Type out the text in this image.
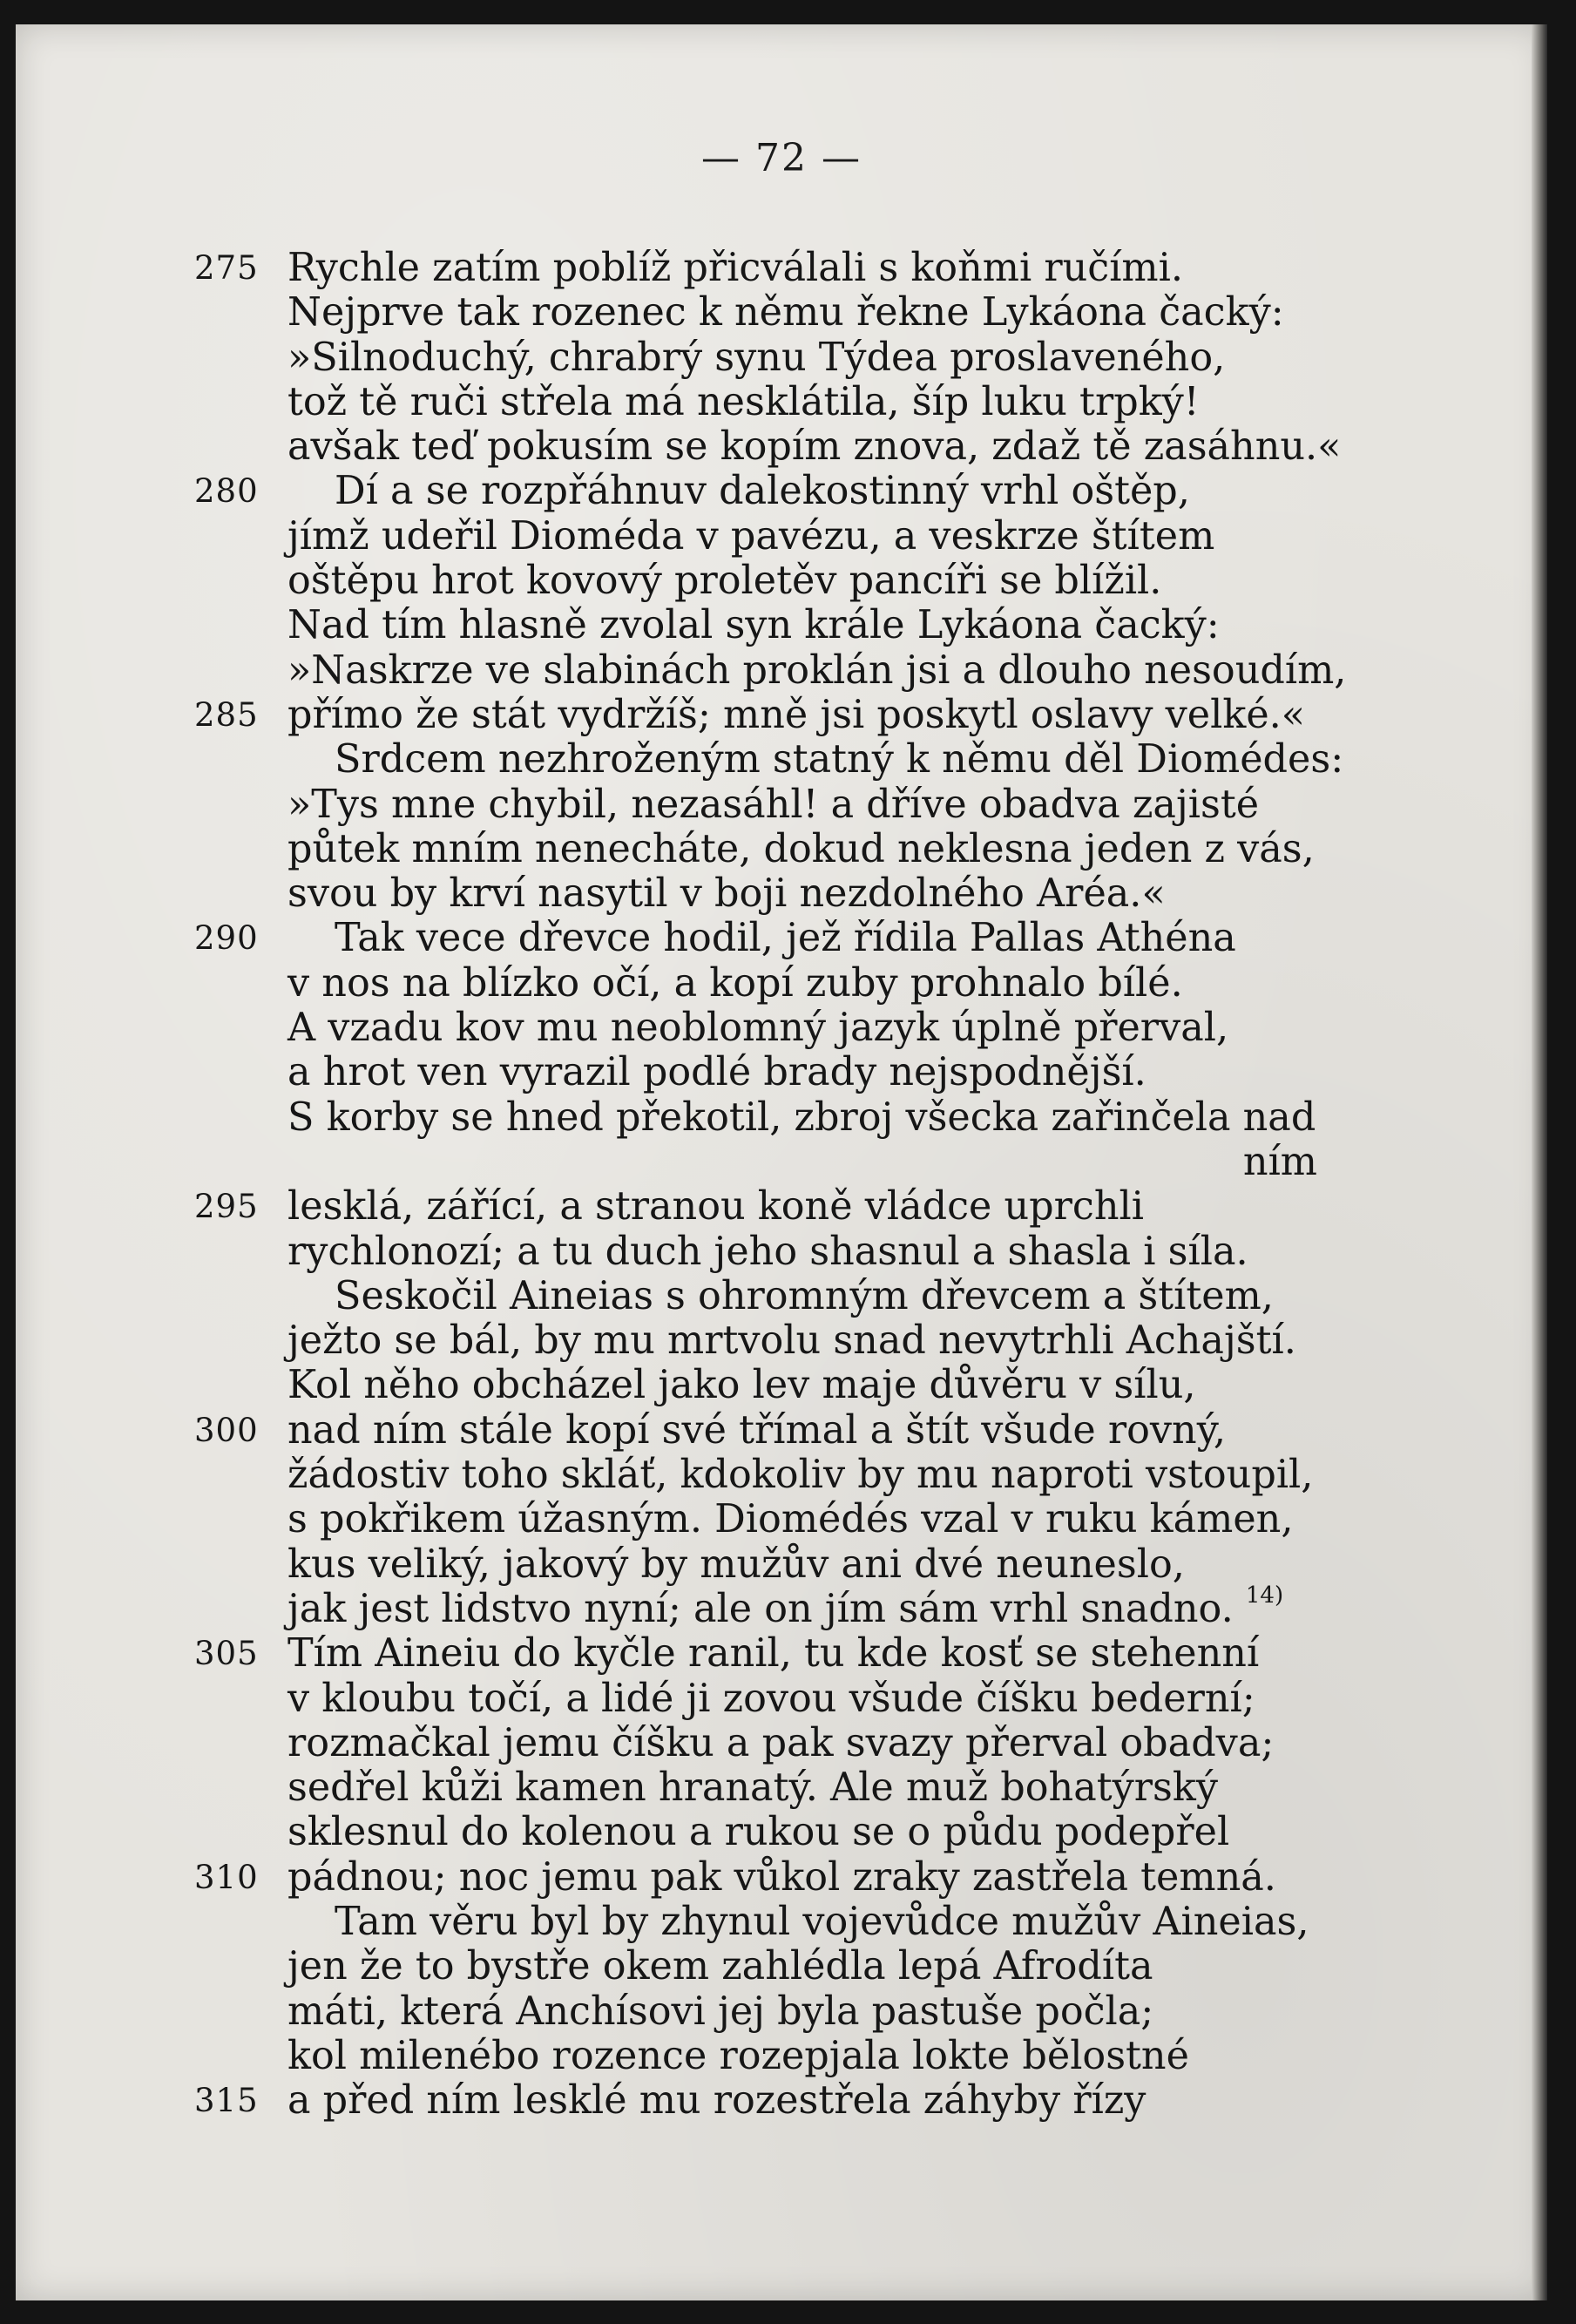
— 72 —
275 Rychle zatím poblíž přicválali s koňmi ručími.
Nejprve tak rozenec k němu řekne Lykáona čacký:
»Silnoduchý, chrabrý synu Týdea proslaveného,
tož tě ruči střela má nesklátila, šíp luku trpký!
avšak teď pokusím se kopím znova, zdaž tě zasáhnu.«
280	Dí a se rozpřáhnuv dalekostinný vrhl oštěp,
jímž udeřil Dioméda v pavézu, a veskrze štítem
oštěpu hrot kovový proletěv pancíři se blížil.
Nad tím hlasně zvolal syn krále Lykáona čacký:
»Naskrze ve slabinách proklán jsi a dlouho nesoudím,
285 přímo že stát vydržíš; mně jsi poskytl oslavy velké.«
Srdcem nezhroženým statný k němu děl Diomédes:
»Tys mne chybil, nezasáhl! a dříve obadva zajisté
půtek mním nenecháte, dokud neklesna jeden z vás,
svou by krví nasytil v boji nezdolného Aréa.«
290	Tak vece dřevce hodil, jež řídila Pallas Athéna
v nos na blízko očí, a kopí zuby prohnalo bílé.
A vzadu kov mu neoblomný jazyk úplně přerval,
a hrot ven vyrazil podlé brady nejspodnější.
S korby se hned překotil, zbroj všecka zařinčela nad
ním
295 lesklá, zářící, a stranou koně vládce uprchli
rychlonozí; a tu duch jeho shasnul a shasla i síla.
Seskočil Aineias s ohromným dřevcem a štítem,
ježto se bál, by mu mrtvolu snad nevytrhli Achajští.
Kol něho obcházel jako lev maje důvěru v sílu,
300 nad ním stále kopí své třímal a štít všude rovný,
žádostiv toho skláť, kdokoliv by mu naproti vstoupil,
s pokřikem úžasným. Diomédés vzal v ruku kámen,
kus veliký, jakový by mužův ani dvé neuneslo,
jak jest lidstvo nyní; ale on jím sám vrhl snadno. $^{14)}$
305 Tím Aineiu do kyčle ranil, tu kde kosť se stehenní
v kloubu točí, a lidé ji zovou všude číšku bederní;
rozmačkal jemu číšku a pak svazy přerval obadva;
sedřel kůži kamen hranatý. Ale muž bohatýrský
sklesnul do kolenou a rukou se o půdu podepřel
310 pádnou; noc jemu pak vůkol zraky zastřela temná.
Tam věru byl by zhynul vojevůdce mužův Aineias,
jen že to bystře okem zahlédla lepá Afrodíta
máti, která Anchísovi jej byla pastuše počla;
kol milenébo rozence rozepjala lokte bělostné
315 a před ním lesklé mu rozestřela záhyby řízy
